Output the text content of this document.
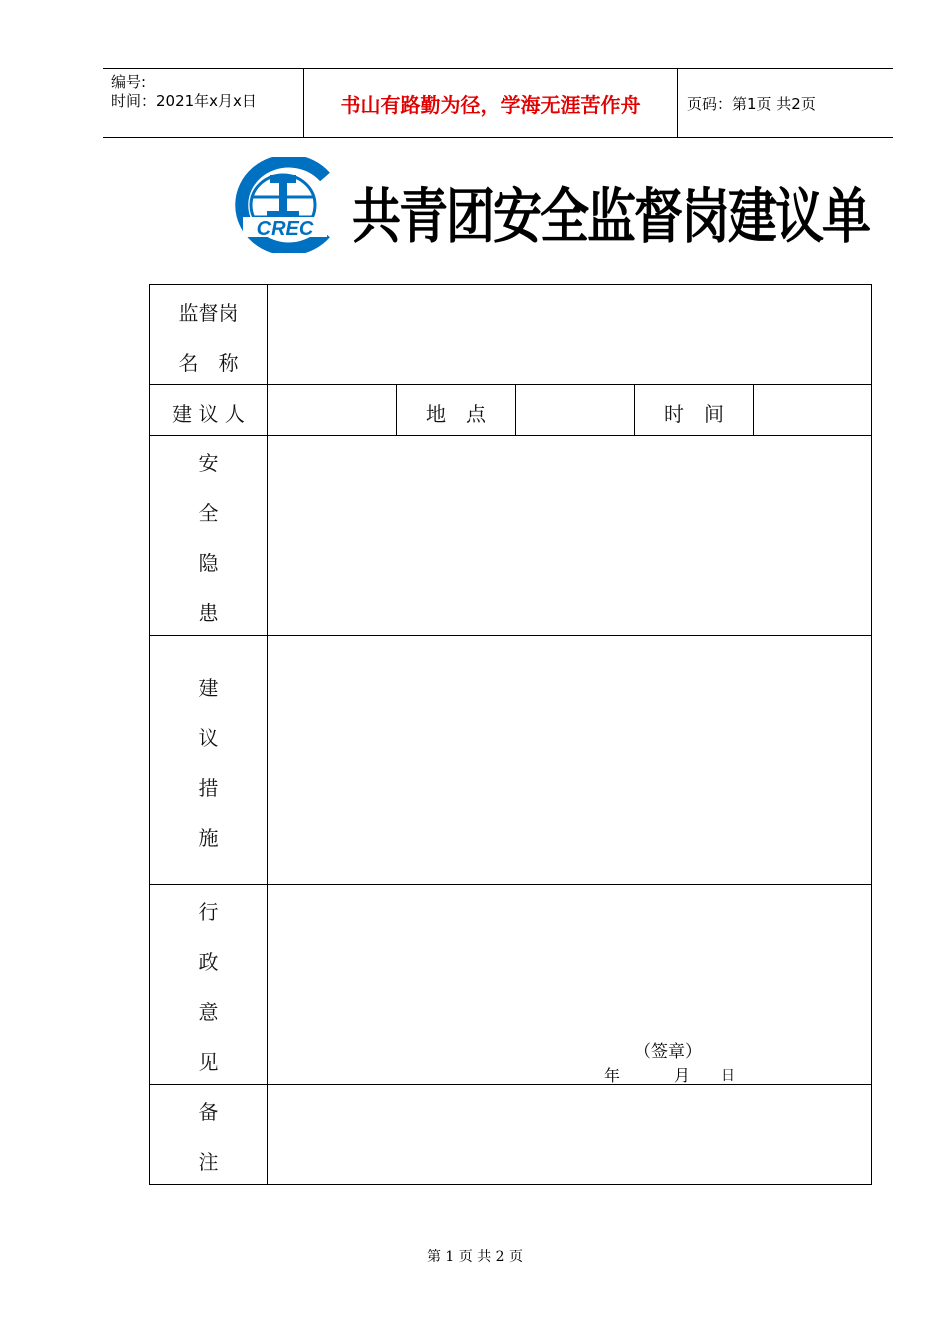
编号:
时间：2021年x月x日	书山有路勤为径，学海无涯苦作舟	页码：第1页 共2页
CREC 共青团安全监督岗建议单
监督岗
名　称
建 议 人	地　点	时　间
安
全
隐
患
建
议
措
施
行
政
意
见	（签章）
年	月 日
备
注
第 1 页 共 2 页
